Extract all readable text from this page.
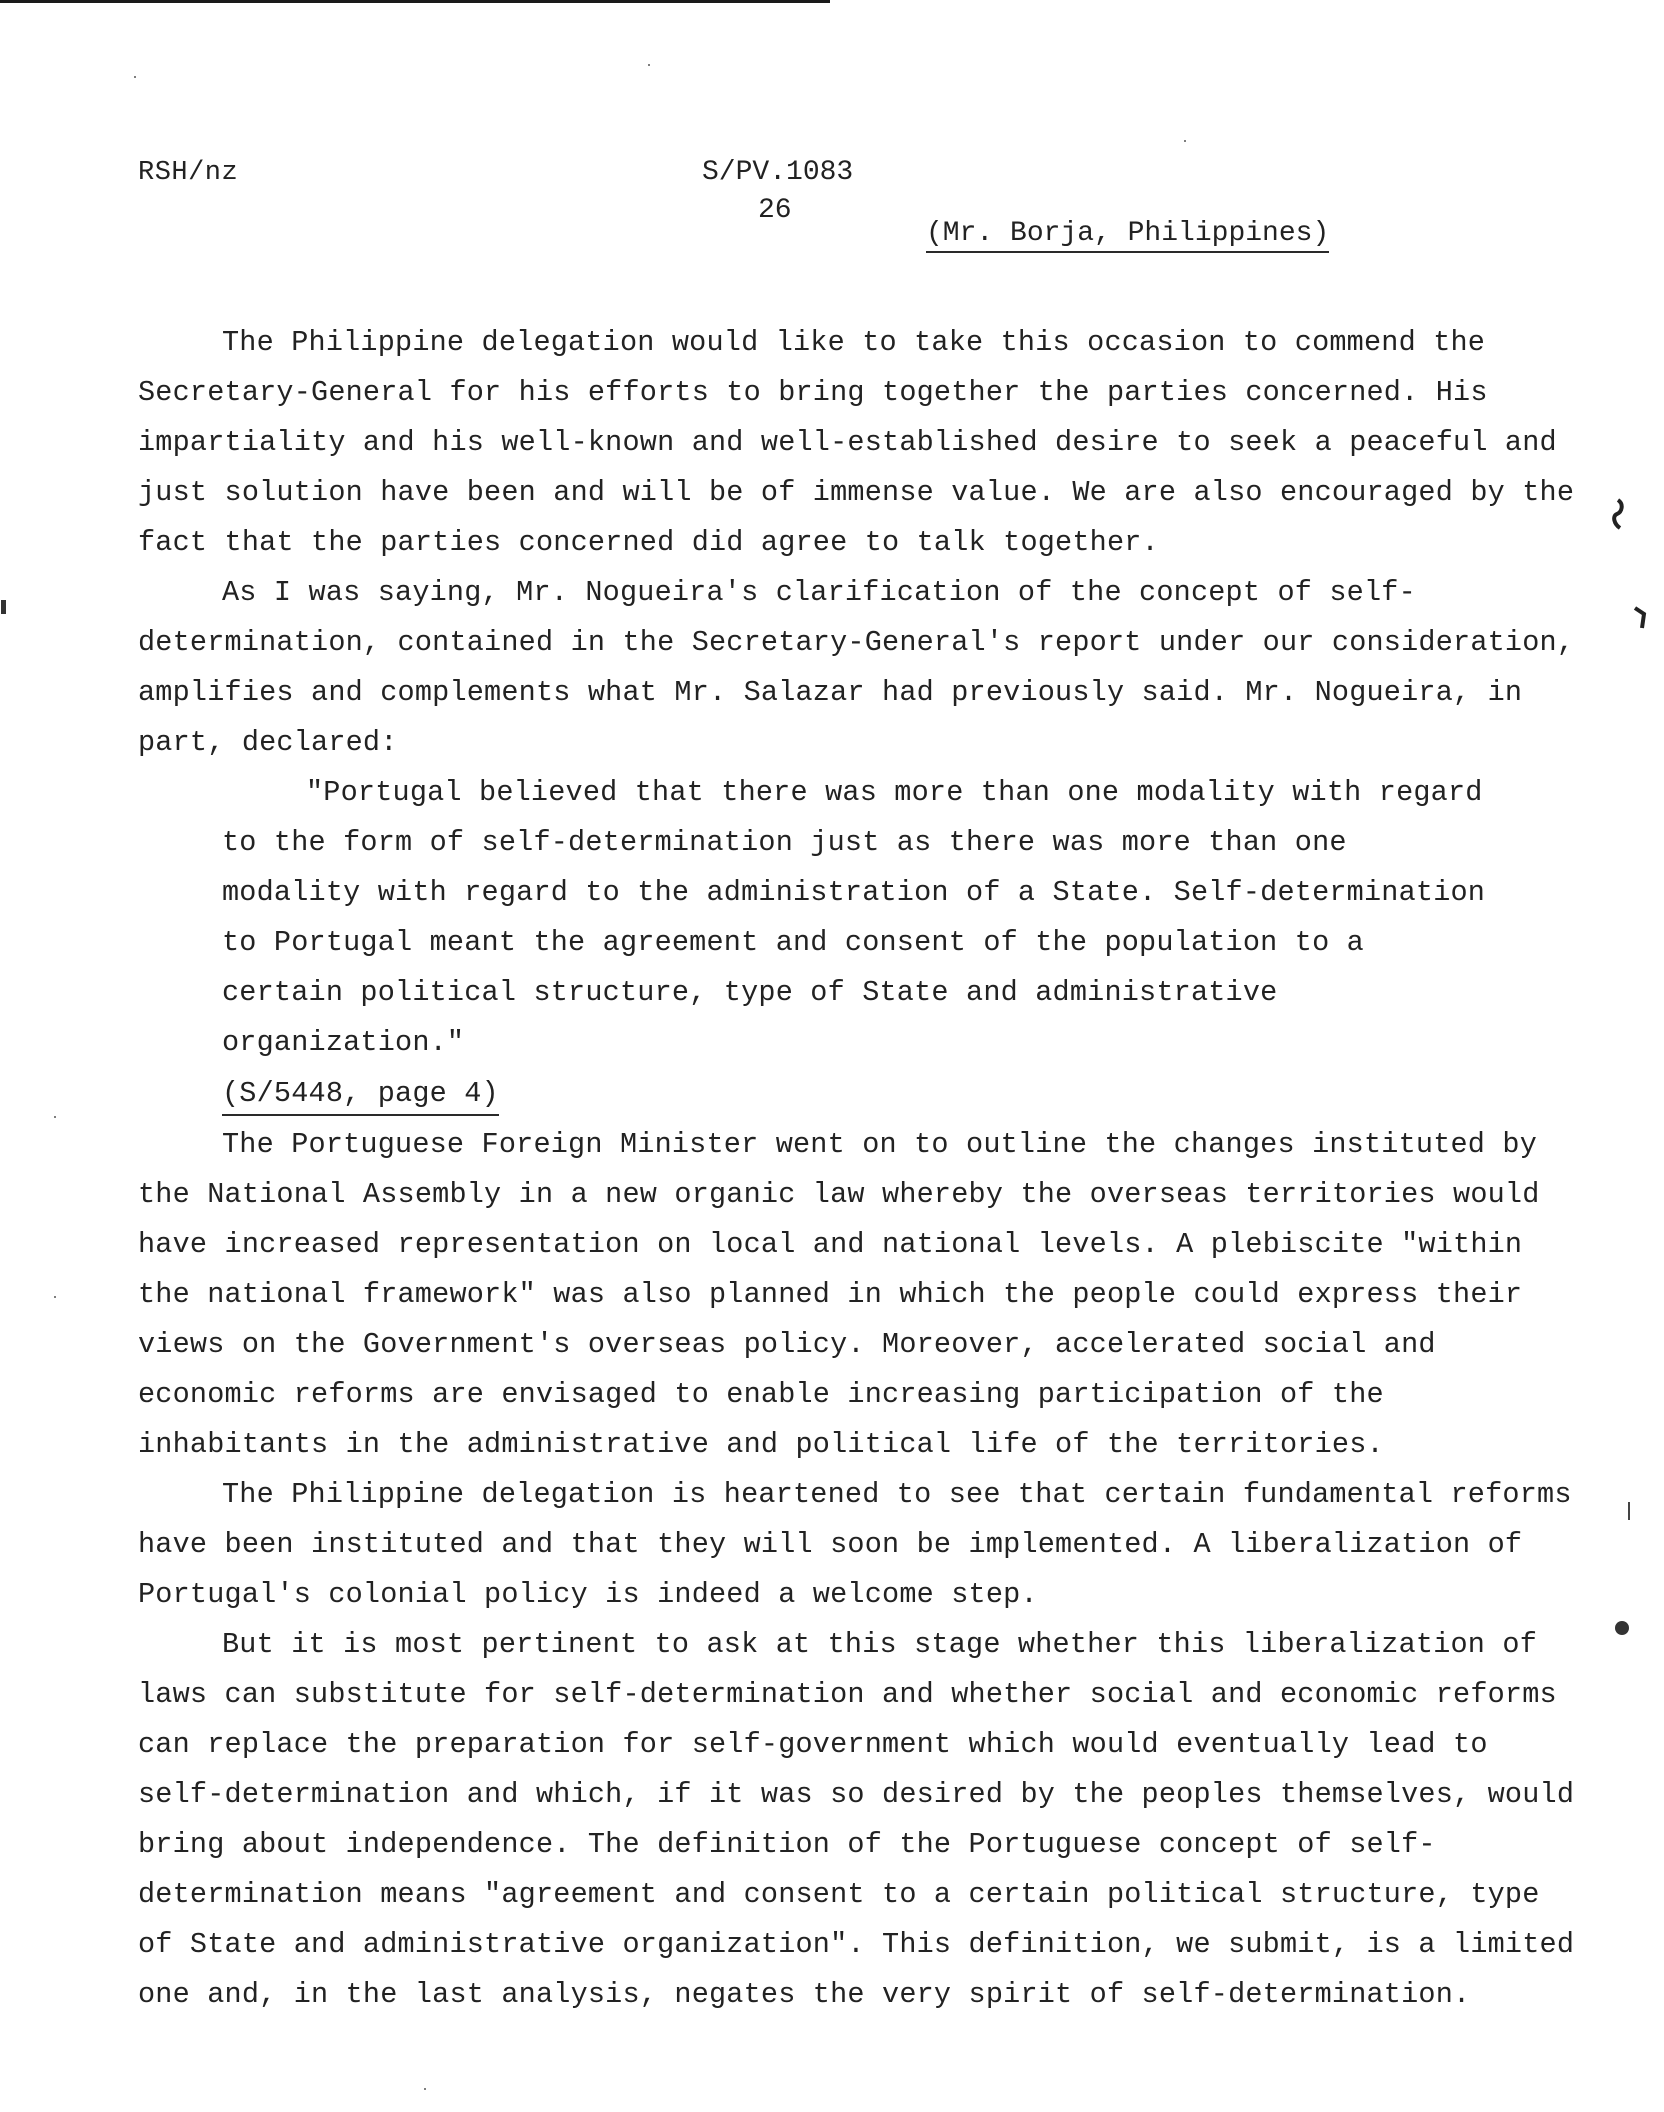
RSH/nz	S/PV.1083
26
(Mr. Borja, Philippines)

The Philippine delegation would like to take this occasion to commend the Secretary-General for his efforts to bring together the parties concerned. His impartiality and his well-known and well-established desire to seek a peaceful and just solution have been and will be of immense value. We are also encouraged by the fact that the parties concerned did agree to talk together.

As I was saying, Mr. Nogueira's clarification of the concept of self-determination, contained in the Secretary-General's report under our consideration, amplifies and complements what Mr. Salazar had previously said. Mr. Nogueira, in part, declared:

"Portugal believed that there was more than one modality with regard to the form of self-determination just as there was more than one modality with regard to the administration of a State. Self-determination to Portugal meant the agreement and consent of the population to a certain political structure, type of State and administrative organization."

(S/5448, page 4)

The Portuguese Foreign Minister went on to outline the changes instituted by the National Assembly in a new organic law whereby the overseas territories would have increased representation on local and national levels. A plebiscite "within the national framework" was also planned in which the people could express their views on the Government's overseas policy. Moreover, accelerated social and economic reforms are envisaged to enable increasing participation of the inhabitants in the administrative and political life of the territories.

The Philippine delegation is heartened to see that certain fundamental reforms have been instituted and that they will soon be implemented. A liberalization of Portugal's colonial policy is indeed a welcome step.

But it is most pertinent to ask at this stage whether this liberalization of laws can substitute for self-determination and whether social and economic reforms can replace the preparation for self-government which would eventually lead to self-determination and which, if it was so desired by the peoples themselves, would bring about independence. The definition of the Portuguese concept of self-determination means "agreement and consent to a certain political structure, type of State and administrative organization". This definition, we submit, is a limited one and, in the last analysis, negates the very spirit of self-determination.
